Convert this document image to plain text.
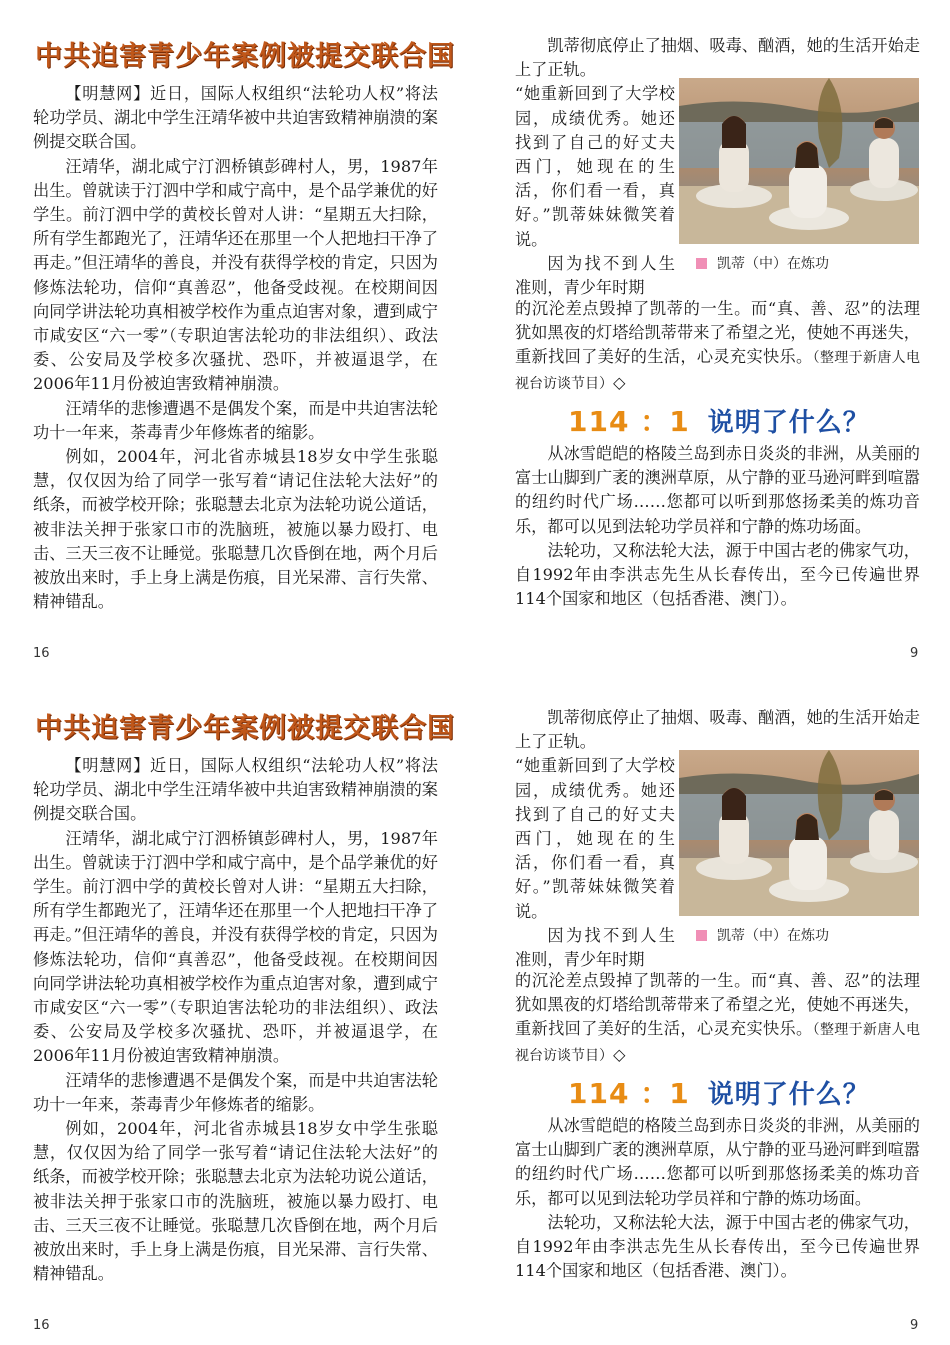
中共迫害青少年案例被提交联合国

【明慧网】近日，国际人权组织“法轮功人权”将法轮功学员、湖北中学生汪靖华被中共迫害致精神崩溃的案例提交联合国。

汪靖华，湖北咸宁汀泗桥镇彭碑村人，男，1987年出生。曾就读于汀泗中学和咸宁高中，是个品学兼优的好学生。前汀泗中学的黄校长曾对人讲：“星期五大扫除，所有学生都跑光了，汪靖华还在那里一个人把地扫干净了再走。”但汪靖华的善良，并没有获得学校的肯定，只因为修炼法轮功，信仰“真善忍”，他备受歧视。在校期间因向同学讲法轮功真相被学校作为重点迫害对象，遭到咸宁市咸安区“六一零”（专职迫害法轮功的非法组织）、政法委、公安局及学校多次骚扰、恐吓，并被逼退学，在2006年11月份被迫害致精神崩溃。

汪靖华的悲惨遭遇不是偶发个案，而是中共迫害法轮功十一年来，荼毒青少年修炼者的缩影。

例如，2004年，河北省赤城县18岁女中学生张聪慧，仅仅因为给了同学一张写着“请记住法轮大法好”的纸条，而被学校开除；张聪慧去北京为法轮功说公道话，被非法关押于张家口市的洗脑班，被施以暴力殴打、电击、三天三夜不让睡觉。张聪慧几次昏倒在地，两个月后被放出来时，手上身上满是伤痕，目光呆滞、言行失常、精神错乱。

凯蒂彻底停止了抽烟、吸毒、酗酒，她的生活开始走上了正轨。

“她重新回到了大学校园，成绩优秀。她还找到了自己的好丈夫西门，她现在的生活，你们看一看，真好。”凯蒂妹妹微笑着说。

因为找不到人生准则，青少年时期

凯蒂（中）在炼功

的沉沦差点毁掉了凯蒂的一生。而“真、善、忍”的法理犹如黑夜的灯塔给凯蒂带来了希望之光，使她不再迷失，重新找回了美好的生活，心灵充实快乐。（整理于新唐人电视台访谈节目）◇

114 ：1 说明了什么？

从冰雪皑皑的格陵兰岛到赤日炎炎的非洲，从美丽的富士山脚到广袤的澳洲草原，从宁静的亚马逊河畔到喧嚣的纽约时代广场……您都可以听到那悠扬柔美的炼功音乐，都可以见到法轮功学员祥和宁静的炼功场面。

法轮功，又称法轮大法，源于中国古老的佛家气功，自1992年由李洪志先生从长春传出，至今已传遍世界114个国家和地区（包括香港、澳门）。

16	9
中共迫害青少年案例被提交联合国

【明慧网】近日，国际人权组织“法轮功人权”将法轮功学员、湖北中学生汪靖华被中共迫害致精神崩溃的案例提交联合国。

汪靖华，湖北咸宁汀泗桥镇彭碑村人，男，1987年出生。曾就读于汀泗中学和咸宁高中，是个品学兼优的好学生。前汀泗中学的黄校长曾对人讲：“星期五大扫除，所有学生都跑光了，汪靖华还在那里一个人把地扫干净了再走。”但汪靖华的善良，并没有获得学校的肯定，只因为修炼法轮功，信仰“真善忍”，他备受歧视。在校期间因向同学讲法轮功真相被学校作为重点迫害对象，遭到咸宁市咸安区“六一零”（专职迫害法轮功的非法组织）、政法委、公安局及学校多次骚扰、恐吓，并被逼退学，在2006年11月份被迫害致精神崩溃。

汪靖华的悲惨遭遇不是偶发个案，而是中共迫害法轮功十一年来，荼毒青少年修炼者的缩影。

例如，2004年，河北省赤城县18岁女中学生张聪慧，仅仅因为给了同学一张写着“请记住法轮大法好”的纸条，而被学校开除；张聪慧去北京为法轮功说公道话，被非法关押于张家口市的洗脑班，被施以暴力殴打、电击、三天三夜不让睡觉。张聪慧几次昏倒在地，两个月后被放出来时，手上身上满是伤痕，目光呆滞、言行失常、精神错乱。

凯蒂彻底停止了抽烟、吸毒、酗酒，她的生活开始走上了正轨。

“她重新回到了大学校园，成绩优秀。她还找到了自己的好丈夫西门，她现在的生活，你们看一看，真好。”凯蒂妹妹微笑着说。

因为找不到人生准则，青少年时期

凯蒂（中）在炼功

的沉沦差点毁掉了凯蒂的一生。而“真、善、忍”的法理犹如黑夜的灯塔给凯蒂带来了希望之光，使她不再迷失，重新找回了美好的生活，心灵充实快乐。（整理于新唐人电视台访谈节目）◇

114 ：1 说明了什么？

从冰雪皑皑的格陵兰岛到赤日炎炎的非洲，从美丽的富士山脚到广袤的澳洲草原，从宁静的亚马逊河畔到喧嚣的纽约时代广场……您都可以听到那悠扬柔美的炼功音乐，都可以见到法轮功学员祥和宁静的炼功场面。

法轮功，又称法轮大法，源于中国古老的佛家气功，自1992年由李洪志先生从长春传出，至今已传遍世界114个国家和地区（包括香港、澳门）。

16	9
